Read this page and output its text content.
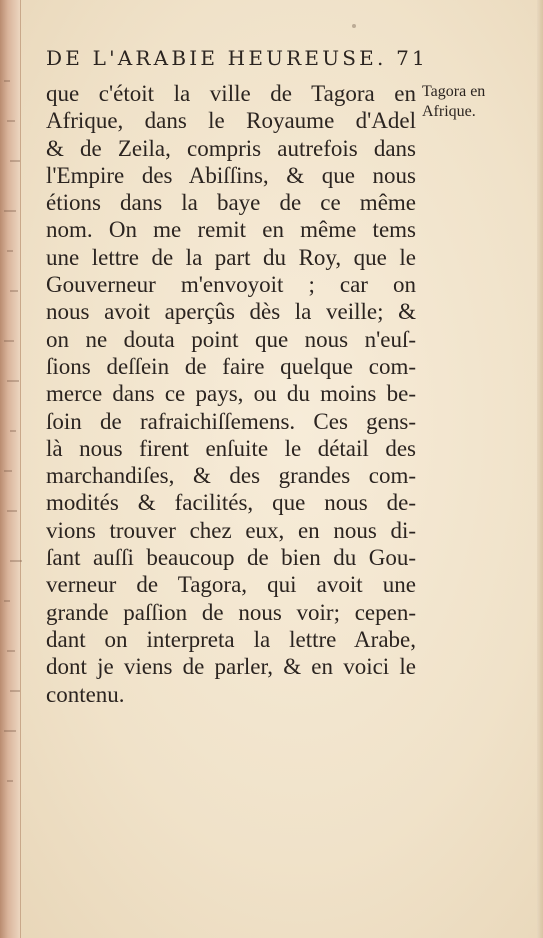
DE L'ARABIE HEUREUSE. 71
que c'étoit la ville de Tagora en
Afrique, dans le Royaume d'Adel
& de Zeila, compris autrefois dans
l'Empire des Abiſſins, & que nous
étions dans la baye de ce même
nom. On me remit en même tems
une lettre de la part du Roy, que le
Gouverneur m'envoyoit ; car on
nous avoit aperçûs dès la veille; &
on ne douta point que nous n'euſ-
ſions deſſein de faire quelque com-
merce dans ce pays, ou du moins be-
ſoin de rafraichiſſemens. Ces gens-
là nous firent enſuite le détail des
marchandiſes, & des grandes com-
modités & facilités, que nous de-
vions trouver chez eux, en nous di-
ſant auſſi beaucoup de bien du Gou-
verneur de Tagora, qui avoit une
grande paſſion de nous voir; cepen-
dant on interpreta la lettre Arabe,
dont je viens de parler, & en voici le
contenu.
Tagora en
Afrique.
